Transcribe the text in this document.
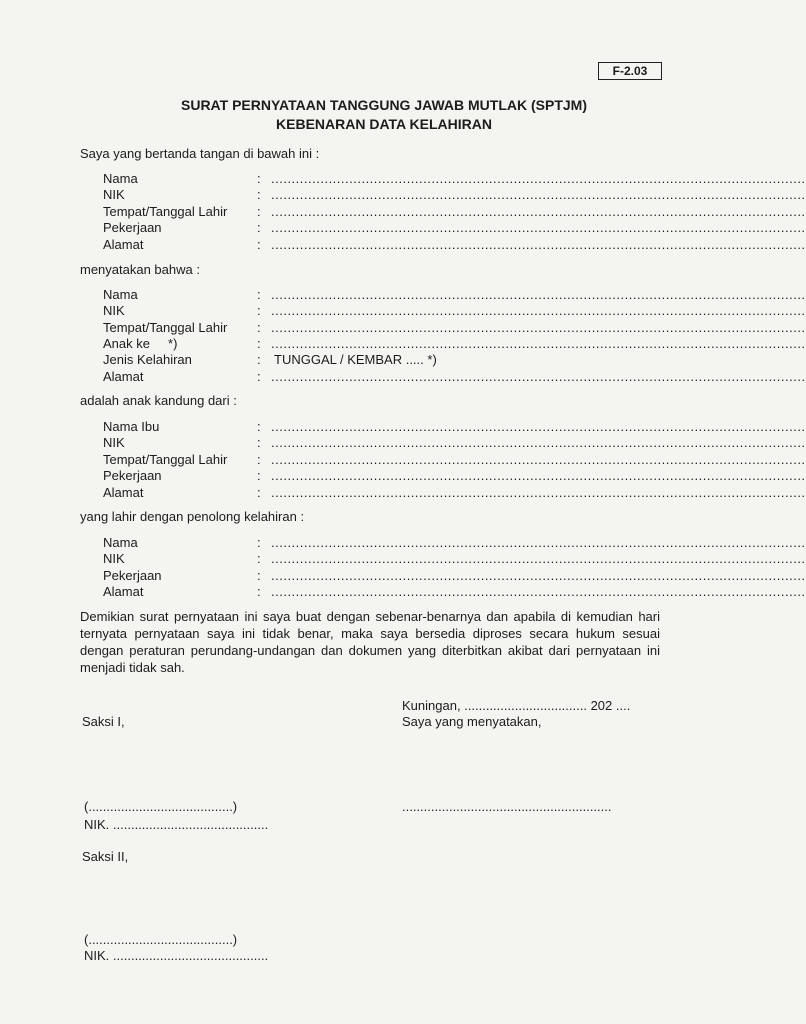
F-2.03
SURAT PERNYATAAN TANGGUNG JAWAB MUTLAK (SPTJM)
KEBENARAN DATA KELAHIRAN
Saya yang bertanda tangan di bawah ini :
Nama	: ..................................................................................................................................
NIK	: ..................................................................................................................................
Tempat/Tanggal Lahir : ..................................................................................................................................
Pekerjaan	: ..................................................................................................................................
Alamat	: ..................................................................................................................................
menyatakan bahwa :
Nama	: ..................................................................................................................................
NIK	: ..................................................................................................................................
Tempat/Tanggal Lahir : ..................................................................................................................................
Anak ke     *)	: ..................................................................................................................................
Jenis Kelahiran	: TUNGGAL / KEMBAR ..... *)
Alamat	: ..................................................................................................................................
adalah anak kandung dari :
Nama Ibu	: ..................................................................................................................................
NIK	: ..................................................................................................................................
Tempat/Tanggal Lahir : ..................................................................................................................................
Pekerjaan	: ..................................................................................................................................
Alamat	: ..................................................................................................................................
yang lahir dengan penolong kelahiran :
Nama	: ..................................................................................................................................
NIK	: ..................................................................................................................................
Pekerjaan	: ..................................................................................................................................
Alamat	: ..................................................................................................................................
Demikian surat pernyataan ini saya buat dengan sebenar-benarnya dan apabila di kemudian hari ternyata pernyataan saya ini tidak benar, maka saya bersedia diproses secara hukum sesuai dengan peraturan perundang-undangan dan dokumen yang diterbitkan akibat dari pernyataan ini menjadi tidak sah.
Kuningan, .................................. 202 ....
Saya yang menyatakan,
Saksi I,
(........................................)	..........................................................
NIK. ...........................................
Saksi II,
(........................................)
NIK. ...........................................
